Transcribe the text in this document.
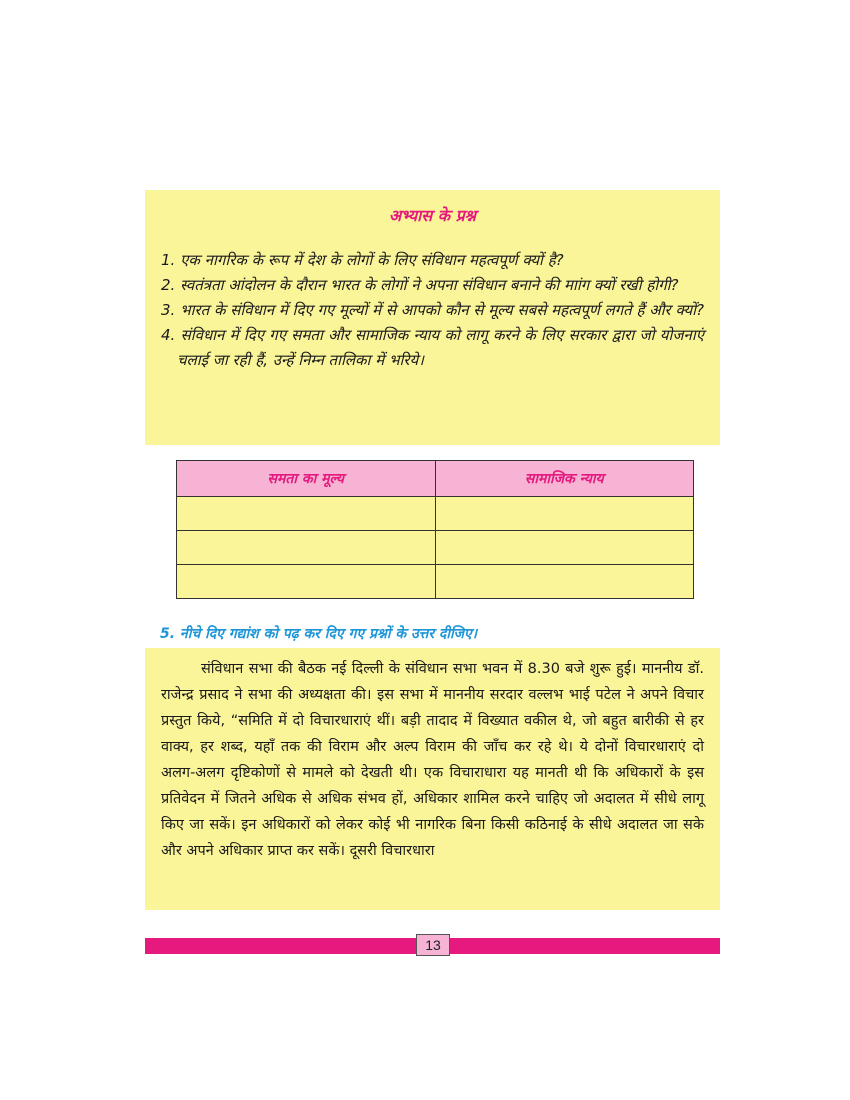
अभ्यास के प्रश्न

1. एक नागरिक के रूप में देश के लोगों के लिए संविधान महत्वपूर्ण क्यों है?

2. स्वतंत्रता आंदोलन के दौरान भारत के लोगों ने अपना संविधान बनाने की माांग क्यों रखी होगी?

3. भारत के संविधान में दिए गए मूल्यों में से आपको कौन से मूल्य सबसे महत्वपूर्ण लगते हैं और क्यों?

4. संविधान में दिए गए समता और सामाजिक न्याय को लागू करने के लिए सरकार द्वारा जो योजनाएं चलाई जा रही हैं, उन्हें निम्न तालिका में भरिये।

समता का मूल्य	सामाजिक न्याय

5. नीचे दिए गद्यांश को पढ़ कर दिए गए प्रश्नों के उत्तर दीजिए।

संविधान सभा की बैठक नई दिल्ली के संविधान सभा भवन में 8.30 बजे शुरू हुई। माननीय डॉ. राजेन्द्र प्रसाद ने सभा की अध्यक्षता की। इस सभा में माननीय सरदार वल्लभ भाई पटेल ने अपने विचार प्रस्तुत किये, “समिति में दो विचारधाराएं थीं। बड़ी तादाद में विख्यात वकील थे, जो बहुत बारीकी से हर वाक्य, हर शब्द, यहाँ तक की विराम और अल्प विराम की जाँच कर रहे थे। ये दोनों विचारधाराएं दो अलग-अलग दृष्टिकोणों से मामले को देखती थी। एक विचाराधारा यह मानती थी कि अधिकारों के इस प्रतिवेदन में जितने अधिक से अधिक संभव हों, अधिकार शामिल करने चाहिए जो अदालत में सीधे लागू किए जा सकें। इन अधिकारों को लेकर कोई भी नागरिक बिना किसी कठिनाई के सीधे अदालत जा सके और अपने अधिकार प्राप्त कर सकें। दूसरी विचारधारा

13
